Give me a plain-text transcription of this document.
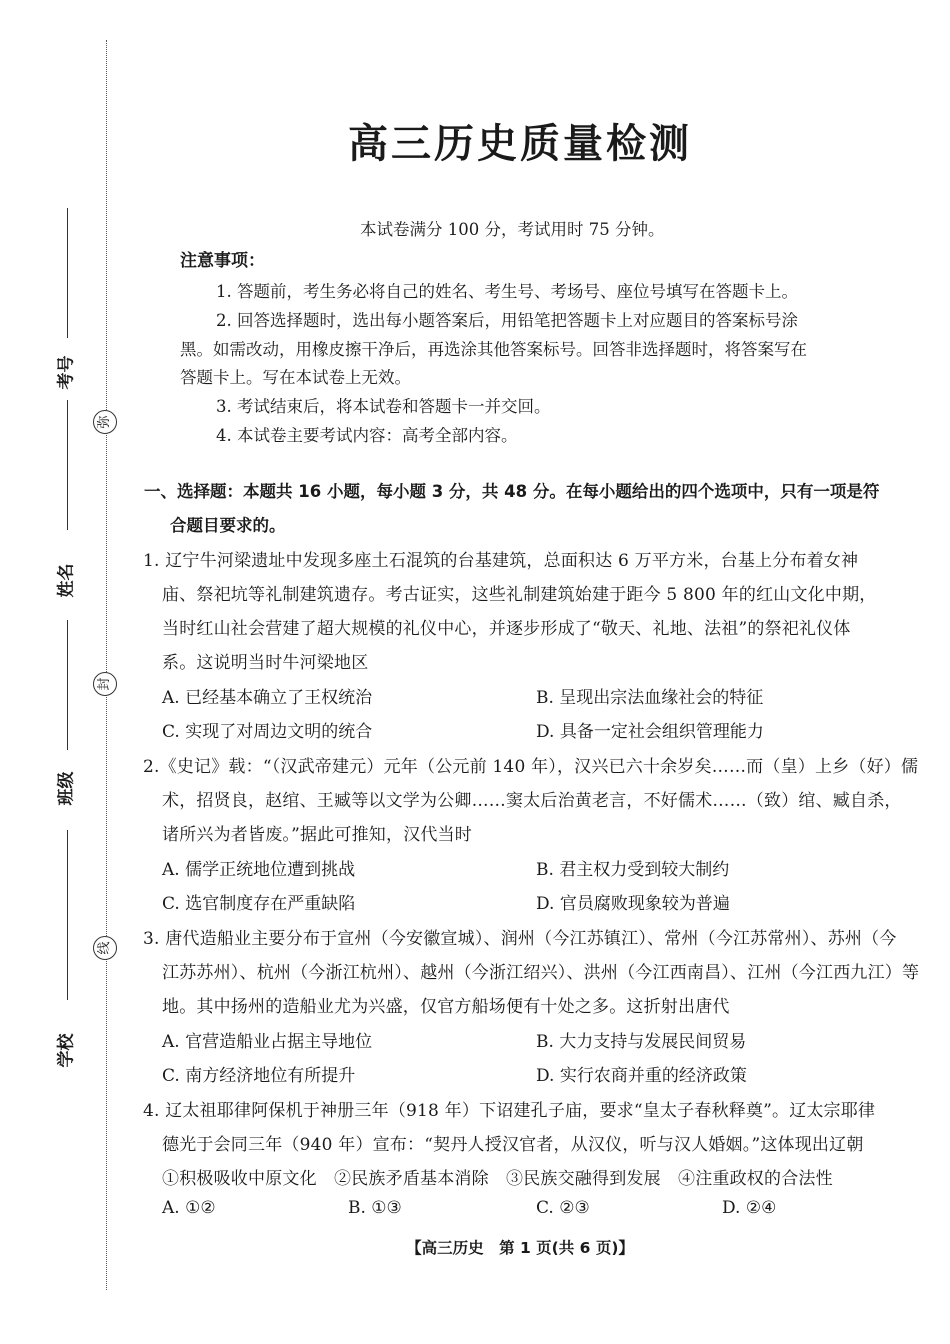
考号
姓名
班级
学校
弥
封
线
高三历史质量检测
本试卷满分 100 分，考试用时 75 分钟。
注意事项：
1. 答题前，考生务必将自己的姓名、考生号、考场号、座位号填写在答题卡上。
2. 回答选择题时，选出每小题答案后，用铅笔把答题卡上对应题目的答案标号涂
黑。如需改动，用橡皮擦干净后，再选涂其他答案标号。回答非选择题时，将答案写在
答题卡上。写在本试卷上无效。
3. 考试结束后，将本试卷和答题卡一并交回。
4. 本试卷主要考试内容：高考全部内容。
一、选择题：本题共 16 小题，每小题 3 分，共 48 分。在每小题给出的四个选项中，只有一项是符
合题目要求的。
1. 辽宁牛河梁遗址中发现多座土石混筑的台基建筑，总面积达 6 万平方米，台基上分布着女神
庙、祭祀坑等礼制建筑遗存。考古证实，这些礼制建筑始建于距今 5 800 年的红山文化中期，
当时红山社会营建了超大规模的礼仪中心，并逐步形成了“敬天、礼地、法祖”的祭祀礼仪体
系。这说明当时牛河梁地区
A. 已经基本确立了王权统治	B. 呈现出宗法血缘社会的特征
C. 实现了对周边文明的统合	D. 具备一定社会组织管理能力
2.《史记》载：“（汉武帝建元）元年（公元前 140 年），汉兴已六十余岁矣……而（皇）上乡（好）儒
术，招贤良，赵绾、王臧等以文学为公卿……窦太后治黄老言，不好儒术……（致）绾、臧自杀，
诸所兴为者皆废。”据此可推知，汉代当时
A. 儒学正统地位遭到挑战	B. 君主权力受到较大制约
C. 选官制度存在严重缺陷	D. 官员腐败现象较为普遍
3. 唐代造船业主要分布于宣州（今安徽宣城）、润州（今江苏镇江）、常州（今江苏常州）、苏州（今
江苏苏州）、杭州（今浙江杭州）、越州（今浙江绍兴）、洪州（今江西南昌）、江州（今江西九江）等
地。其中扬州的造船业尤为兴盛，仅官方船场便有十处之多。这折射出唐代
A. 官营造船业占据主导地位	B. 大力支持与发展民间贸易
C. 南方经济地位有所提升	D. 实行农商并重的经济政策
4. 辽太祖耶律阿保机于神册三年（918 年）下诏建孔子庙，要求“皇太子春秋释奠”。辽太宗耶律
德光于会同三年（940 年）宣布：“契丹人授汉官者，从汉仪，听与汉人婚姻。”这体现出辽朝
①积极吸收中原文化　②民族矛盾基本消除　③民族交融得到发展　④注重政权的合法性
A. ①②	B. ①③	C. ②③	D. ②④
【高三历史　第 1 页(共 6 页)】
